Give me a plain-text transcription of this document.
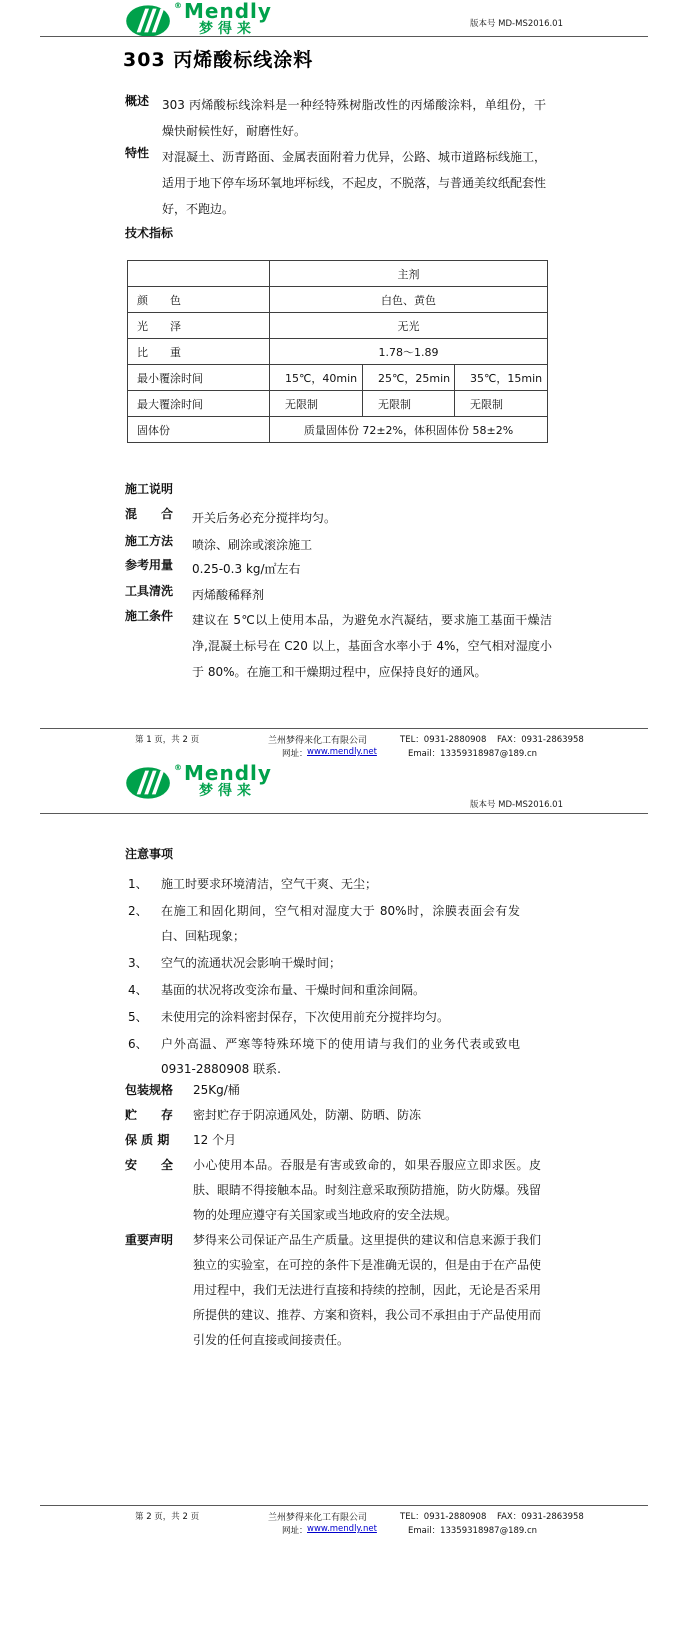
® Mendly
梦得来	版本号 MD-MS2016.01
303 丙烯酸标线涂料
概述 303 丙烯酸标线涂料是一种经特殊树脂改性的丙烯酸涂料，单组份，干燥快耐候性好，耐磨性好。
特性 对混凝土、沥青路面、金属表面附着力优异，公路、城市道路标线施工，适用于地下停车场环氧地坪标线，不起皮，不脱落，与普通美纹纸配套性好，不跑边。
技术指标
	主剂		
颜　　色	白色、黄色		
光　　泽	无光		
比　　重	1.78～1.89		
最小覆涂时间	15℃，40min	25℃，25min	35℃，15min
最大覆涂时间	无限制	无限制	无限制
固体份	质量固体份 72±2%，体积固体份 58±2%		
施工说明
混　　合	开关后务必充分搅拌均匀。
施工方法	喷涂、刷涂或滚涂施工
参考用量	0.25-0.3 kg/㎡左右
工具清洗	丙烯酸稀释剂
施工条件	建议在 5℃以上使用本品，为避免水汽凝结，要求施工基面干燥洁净,混凝土标号在 C20 以上，基面含水率小于 4%，空气相对湿度小于 80%。在施工和干燥期过程中，应保持良好的通风。
第 1 页，共 2 页	兰州梦得来化工有限公司	TEL：0931-2880908 FAX：0931-2863958
网址： www.mendly.net	Email：13359318987@189.cn
® Mendly
梦得来
版本号 MD-MS2016.01
注意事项
1、 施工时要求环境清洁，空气干爽、无尘；
2、 在施工和固化期间，空气相对湿度大于 80%时，涂膜表面会有发白、回粘现象；
3、 空气的流通状况会影响干燥时间；
4、 基面的状况将改变涂布量、干燥时间和重涂间隔。
5、 未使用完的涂料密封保存，下次使用前充分搅拌均匀。
6、 户外高温、严寒等特殊环境下的使用请与我们的业务代表或致电 0931-2880908 联系.
包装规格	25Kg/桶
贮　　存	密封贮存于阴凉通风处，防潮、防晒、防冻
保 质 期	12 个月
安　　全	小心使用本品。吞服是有害或致命的，如果吞服应立即求医。皮肤、眼睛不得接触本品。时刻注意采取预防措施，防火防爆。残留物的处理应遵守有关国家或当地政府的安全法规。
重要声明	梦得来公司保证产品生产质量。这里提供的建议和信息来源于我们独立的实验室，在可控的条件下是准确无误的，但是由于在产品使用过程中，我们无法进行直接和持续的控制，因此，无论是否采用所提供的建议、推荐、方案和资料，我公司不承担由于产品使用而引发的任何直接或间接责任。
第 2 页，共 2 页	兰州梦得来化工有限公司	TEL：0931-2880908 FAX：0931-2863958
网址： www.mendly.net	Email：13359318987@189.cn
